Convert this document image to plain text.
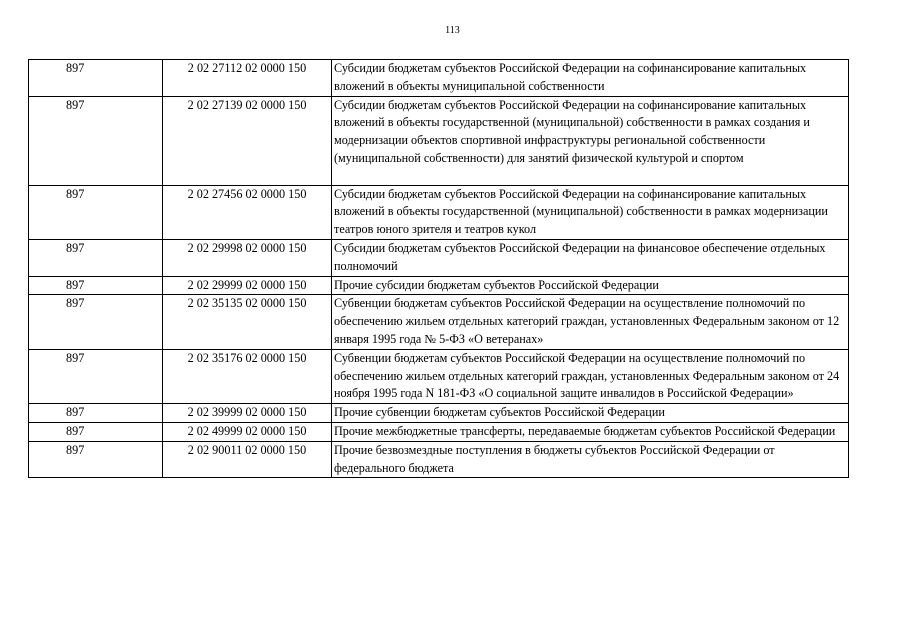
113
897	2 02 27112 02 0000 150	Субсидии бюджетам субъектов Российской Федерации на софинансирование капитальных вложений в объекты муниципальной собственности
897	2 02 27139 02 0000 150	Субсидии бюджетам субъектов Российской Федерации на софинансирование капитальных вложений в объекты государственной (муниципальной) собственности в рамках создания и модернизации объектов спортивной инфраструктуры региональной собственности (муниципальной собственности) для занятий физической культурой и спортом
897	2 02 27456 02 0000 150	Субсидии бюджетам субъектов Российской Федерации на софинансирование капитальных вложений в объекты государственной (муниципальной) собственности в рамках модернизации театров юного зрителя и театров кукол
897	2 02 29998 02 0000 150	Субсидии бюджетам субъектов Российской Федерации на финансовое обеспечение отдельных полномочий
897	2 02 29999 02 0000 150	Прочие субсидии бюджетам субъектов Российской Федерации
897	2 02 35135 02 0000 150	Субвенции бюджетам субъектов Российской Федерации на осуществление полномочий по обеспечению жильем отдельных категорий граждан, установленных Федеральным законом от 12 января 1995 года № 5-ФЗ «О ветеранах»
897	2 02 35176 02 0000 150	Субвенции бюджетам субъектов Российской Федерации на осуществление полномочий по обеспечению жильем отдельных категорий граждан, установленных Федеральным законом от 24 ноября 1995 года N 181-ФЗ «О социальной защите инвалидов в Российской Федерации»
897	2 02 39999 02 0000 150	Прочие субвенции бюджетам субъектов Российской Федерации
897	2 02 49999 02 0000 150	Прочие межбюджетные трансферты, передаваемые бюджетам субъектов Российской Федерации
897	2 02 90011 02 0000 150	Прочие безвозмездные поступления в бюджеты субъектов Российской Федерации от федерального бюджета
